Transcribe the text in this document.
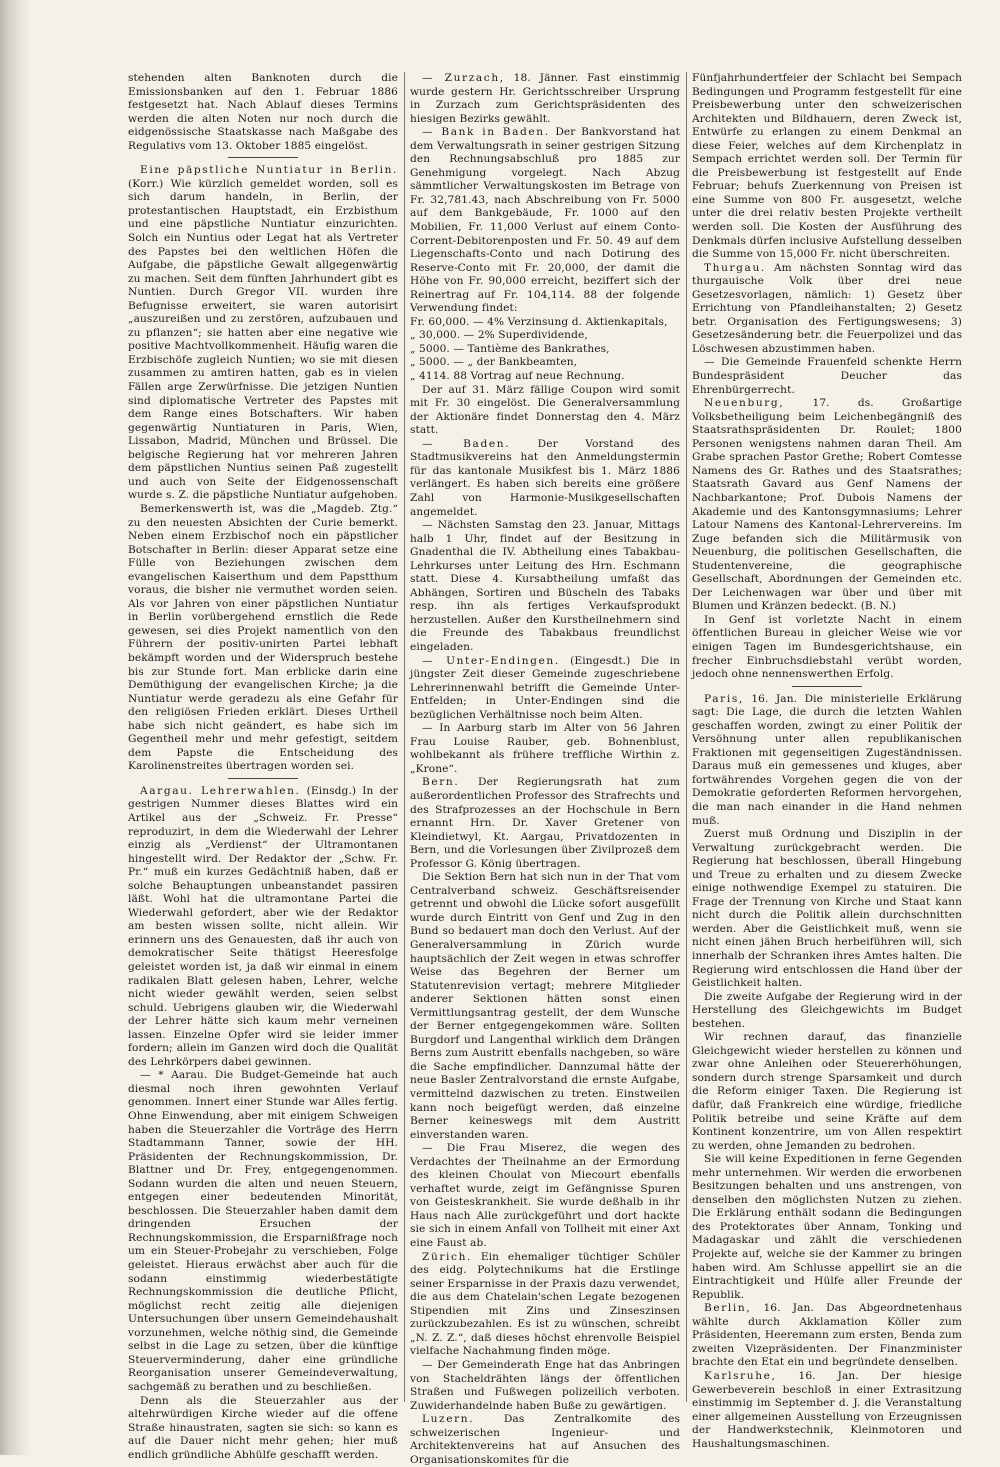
stehenden alten Banknoten durch die Emissionsbanken auf den 1. Februar 1886 festgesetzt hat. Nach Ablauf dieses Termins werden die alten Noten nur noch durch die eidgenössische Staatskasse nach Maßgabe des Regulativs vom 13. Oktober 1885 eingelöst.

Eine päpstliche Nuntiatur in Berlin. (Korr.) Wie kürzlich gemeldet worden, soll es sich darum handeln, in Berlin, der protestantischen Hauptstadt, ein Erzbisthum und eine päpstliche Nuntiatur einzurichten. Solch ein Nuntius oder Legat hat als Vertreter des Papstes bei den weltlichen Höfen die Aufgabe, die päpstliche Gewalt allgegenwärtig zu machen. Seit dem fünften Jahrhundert gibt es Nuntien. Durch Gregor VII. wurden ihre Befugnisse erweitert, sie waren autorisirt „auszureißen und zu zerstören, aufzubauen und zu pflanzen“; sie hatten aber eine negative wie positive Machtvollkommenheit. Häufig waren die Erzbischöfe zugleich Nuntien; wo sie mit diesen zusammen zu amtiren hatten, gab es in vielen Fällen arge Zerwürfnisse. Die jetzigen Nuntien sind diplomatische Vertreter des Papstes mit dem Range eines Botschafters. Wir haben gegenwärtig Nuntiaturen in Paris, Wien, Lissabon, Madrid, München und Brüssel. Die belgische Regierung hat vor mehreren Jahren dem päpstlichen Nuntius seinen Paß zugestellt und auch von Seite der Eidgenossenschaft wurde s. Z. die päpstliche Nuntiatur aufgehoben.

Bemerkenswerth ist, was die „Magdeb. Ztg.“ zu den neuesten Absichten der Curie bemerkt. Neben einem Erzbischof noch ein päpstlicher Botschafter in Berlin: dieser Apparat setze eine Fülle von Beziehungen zwischen dem evangelischen Kaiserthum und dem Papstthum voraus, die bisher nie vermuthet worden seien. Als vor Jahren von einer päpstlichen Nuntiatur in Berlin vorübergehend ernstlich die Rede gewesen, sei dies Projekt namentlich von den Führern der positiv-unirten Partei lebhaft bekämpft worden und der Widerspruch bestehe bis zur Stunde fort. Man erblicke darin eine Demüthigung der evangelischen Kirche; ja die Nuntiatur werde geradezu als eine Gefahr für den religiösen Frieden erklärt. Dieses Urtheil habe sich nicht geändert, es habe sich im Gegentheil mehr und mehr gefestigt, seitdem dem Papste die Entscheidung des Karolinenstreites übertragen worden sei.

Aargau. Lehrerwahlen. (Einsdg.) In der gestrigen Nummer dieses Blattes wird ein Artikel aus der „Schweiz. Fr. Presse“ reproduzirt, in dem die Wiederwahl der Lehrer einzig als „Verdienst“ der Ultramontanen hingestellt wird. Der Redaktor der „Schw. Fr. Pr.“ muß ein kurzes Gedächtniß haben, daß er solche Behauptungen unbeanstandet passiren läßt. Wohl hat die ultramontane Partei die Wiederwahl gefordert, aber wie der Redaktor am besten wissen sollte, nicht allein. Wir erinnern uns des Genauesten, daß ihr auch von demokratischer Seite thätigst Heeresfolge geleistet worden ist, ja daß wir einmal in einem radikalen Blatt gelesen haben, Lehrer, welche nicht wieder gewählt werden, seien selbst schuld. Uebrigens glauben wir, die Wiederwahl der Lehrer hätte sich kaum mehr verneinen lassen. Einzelne Opfer wird sie leider immer fordern; allein im Ganzen wird doch die Qualität des Lehrkörpers dabei gewinnen.

— * Aarau. Die Budget-Gemeinde hat auch diesmal noch ihren gewohnten Verlauf genommen. Innert einer Stunde war Alles fertig. Ohne Einwendung, aber mit einigem Schweigen haben die Steuerzahler die Vorträge des Herrn Stadtammann Tanner, sowie der HH. Präsidenten der Rechnungskommission, Dr. Blattner und Dr. Frey, entgegengenommen. Sodann wurden die alten und neuen Steuern, entgegen einer bedeutenden Minorität, beschlossen. Die Steuerzahler haben damit dem dringenden Ersuchen der Rechnungskommission, die Ersparnißfrage noch um ein Steuer-Probejahr zu verschieben, Folge geleistet. Hieraus erwächst aber auch für die sodann einstimmig wiederbestätigte Rechnungskommission die deutliche Pflicht, möglichst recht zeitig alle diejenigen Untersuchungen über unsern Gemeindehaushalt vorzunehmen, welche nöthig sind, die Gemeinde selbst in die Lage zu setzen, über die künftige Steuerverminderung, daher eine gründliche Reorganisation unserer Gemeindeverwaltung, sachgemäß zu berathen und zu beschließen.

Denn als die Steuerzahler aus der altehrwürdigen Kirche wieder auf die offene Straße hinaustraten, sagten sie sich: so kann es auf die Dauer nicht mehr gehen; hier muß endlich gründliche Abhülfe geschafft werden.

— Zurzach, 18. Jänner. Fast einstimmig wurde gestern Hr. Gerichtsschreiber Ursprung in Zurzach zum Gerichtspräsidenten des hiesigen Bezirks gewählt.

— Bank in Baden. Der Bankvorstand hat dem Verwaltungsrath in seiner gestrigen Sitzung den Rechnungsabschluß pro 1885 zur Genehmigung vorgelegt. Nach Abzug sämmtlicher Verwaltungskosten im Betrage von Fr. 32,781.43, nach Abschreibung von Fr. 5000 auf dem Bankgebäude, Fr. 1000 auf den Mobilien, Fr. 11,000 Verlust auf einem Conto-Corrent-Debitorenposten und Fr. 50. 49 auf dem Liegenschafts-Conto und nach Dotirung des Reserve-Conto mit Fr. 20,000, der damit die Höhe von Fr. 90,000 erreicht, beziffert sich der Reinertrag auf Fr. 104,114. 88 der folgende Verwendung findet:

Fr. 60,000. — 4% Verzinsung d. Aktienkapitals,

„ 30,000. — 2% Superdividende,

„ 5000. — Tantième des Bankrathes,

„ 5000. — „ der Bankbeamten,

„ 4114. 88 Vortrag auf neue Rechnung.

Der auf 31. März fällige Coupon wird somit mit Fr. 30 eingelöst. Die Generalversammlung der Aktionäre findet Donnerstag den 4. März statt.

— Baden. Der Vorstand des Stadtmusikvereins hat den Anmeldungstermin für das kantonale Musikfest bis 1. März 1886 verlängert. Es haben sich bereits eine größere Zahl von Harmonie-Musikgesellschaften angemeldet.

— Nächsten Samstag den 23. Januar, Mittags halb 1 Uhr, findet auf der Besitzung in Gnadenthal die IV. Abtheilung eines Tabakbau-Lehrkurses unter Leitung des Hrn. Eschmann statt. Diese 4. Kursabtheilung umfaßt das Abhängen, Sortiren und Büscheln des Tabaks resp. ihn als fertiges Verkaufsprodukt herzustellen. Außer den Kurstheilnehmern sind die Freunde des Tabakbaus freundlichst eingeladen.

— Unter-Endingen. (Eingesdt.) Die in jüngster Zeit dieser Gemeinde zugeschriebene Lehrerinnenwahl betrifft die Gemeinde Unter-Entfelden; in Unter-Endingen sind die bezüglichen Verhältnisse noch beim Alten.

— In Aarburg starb im Alter von 56 Jahren Frau Louise Rauber, geb. Bohnenblust, wohlbekannt als frühere treffliche Wirthin z. „Krone“.

Bern. Der Regierungsrath hat zum außerordentlichen Professor des Strafrechts und des Strafprozesses an der Hochschule in Bern ernannt Hrn. Dr. Xaver Gretener von Kleindietwyl, Kt. Aargau, Privatdozenten in Bern, und die Vorlesungen über Zivilprozeß dem Professor G. König übertragen.

Die Sektion Bern hat sich nun in der That vom Centralverband schweiz. Geschäftsreisender getrennt und obwohl die Lücke sofort ausgefüllt wurde durch Eintritt von Genf und Zug in den Bund so bedauert man doch den Verlust. Auf der Generalversammlung in Zürich wurde hauptsächlich der Zeit wegen in etwas schroffer Weise das Begehren der Berner um Statutenrevision vertagt; mehrere Mitglieder anderer Sektionen hätten sonst einen Vermittlungsantrag gestellt, der dem Wunsche der Berner entgegengekommen wäre. Sollten Burgdorf und Langenthal wirklich dem Drängen Berns zum Austritt ebenfalls nachgeben, so wäre die Sache empfindlicher. Dannzumal hätte der neue Basler Zentralvorstand die ernste Aufgabe, vermittelnd dazwischen zu treten. Einstweilen kann noch beigefügt werden, daß einzelne Berner keineswegs mit dem Austritt einverstanden waren.

— Die Frau Miserez, die wegen des Verdachtes der Theilnahme an der Ermordung des kleinen Choulat von Miecourt ebenfalls verhaftet wurde, zeigt im Gefängnisse Spuren von Geisteskrankheit. Sie wurde deßhalb in ihr Haus nach Alle zurückgeführt und dort hackte sie sich in einem Anfall von Tollheit mit einer Axt eine Faust ab.

Zürich. Ein ehemaliger tüchtiger Schüler des eidg. Polytechnikums hat die Erstlinge seiner Ersparnisse in der Praxis dazu verwendet, die aus dem Chatelain'schen Legate bezogenen Stipendien mit Zins und Zinseszinsen zurückzubezahlen. Es ist zu wünschen, schreibt „N. Z. Z.“, daß dieses höchst ehrenvolle Beispiel vielfache Nachahmung finden möge.

— Der Gemeinderath Enge hat das Anbringen von Stacheldrähten längs der öffentlichen Straßen und Fußwegen polizeilich verboten. Zuwiderhandelnde haben Buße zu gewärtigen.

Luzern. Das Zentralkomite des schweizerischen Ingenieur- und Architektenvereins hat auf Ansuchen des Organisationskomites für die

Fünfjahrhundertfeier der Schlacht bei Sempach Bedingungen und Programm festgestellt für eine Preisbewerbung unter den schweizerischen Architekten und Bildhauern, deren Zweck ist, Entwürfe zu erlangen zu einem Denkmal an diese Feier, welches auf dem Kirchenplatz in Sempach errichtet werden soll. Der Termin für die Preisbewerbung ist festgestellt auf Ende Februar; behufs Zuerkennung von Preisen ist eine Summe von 800 Fr. ausgesetzt, welche unter die drei relativ besten Projekte vertheilt werden soll. Die Kosten der Ausführung des Denkmals dürfen inclusive Aufstellung desselben die Summe von 15,000 Fr. nicht überschreiten.

Thurgau. Am nächsten Sonntag wird das thurgauische Volk über drei neue Gesetzesvorlagen, nämlich: 1) Gesetz über Errichtung von Pfandleihanstalten; 2) Gesetz betr. Organisation des Fertigungswesens; 3) Gesetzesänderung betr. die Feuerpolizei und das Löschwesen abzustimmen haben.

— Die Gemeinde Frauenfeld schenkte Herrn Bundespräsident Deucher das Ehrenbürgerrecht.

Neuenburg, 17. ds. Großartige Volksbetheiligung beim Leichenbegängniß des Staatsrathspräsidenten Dr. Roulet; 1800 Personen wenigstens nahmen daran Theil. Am Grabe sprachen Pastor Grethe; Robert Comtesse Namens des Gr. Rathes und des Staatsrathes; Staatsrath Gavard aus Genf Namens der Nachbarkantone; Prof. Dubois Namens der Akademie und des Kantonsgymnasiums; Lehrer Latour Namens des Kantonal-Lehrervereins. Im Zuge befanden sich die Militärmusik von Neuenburg, die politischen Gesellschaften, die Studentenvereine, die geographische Gesellschaft, Abordnungen der Gemeinden etc. Der Leichenwagen war über und über mit Blumen und Kränzen bedeckt. (B. N.)

In Genf ist vorletzte Nacht in einem öffentlichen Bureau in gleicher Weise wie vor einigen Tagen im Bundesgerichtshause, ein frecher Einbruchsdiebstahl verübt worden, jedoch ohne nennenswerthen Erfolg.

Paris, 16. Jan. Die ministerielle Erklärung sagt: Die Lage, die durch die letzten Wahlen geschaffen worden, zwingt zu einer Politik der Versöhnung unter allen republikanischen Fraktionen mit gegenseitigen Zugeständnissen. Daraus muß ein gemessenes und kluges, aber fortwährendes Vorgehen gegen die von der Demokratie geforderten Reformen hervorgehen, die man nach einander in die Hand nehmen muß.

Zuerst muß Ordnung und Disziplin in der Verwaltung zurückgebracht werden. Die Regierung hat beschlossen, überall Hingebung und Treue zu erhalten und zu diesem Zwecke einige nothwendige Exempel zu statuiren. Die Frage der Trennung von Kirche und Staat kann nicht durch die Politik allein durchschnitten werden. Aber die Geistlichkeit muß, wenn sie nicht einen jähen Bruch herbeiführen will, sich innerhalb der Schranken ihres Amtes halten. Die Regierung wird entschlossen die Hand über der Geistlichkeit halten.

Die zweite Aufgabe der Regierung wird in der Herstellung des Gleichgewichts im Budget bestehen.

Wir rechnen darauf, das finanzielle Gleichgewicht wieder herstellen zu können und zwar ohne Anleihen oder Steuererhöhungen, sondern durch strenge Sparsamkeit und durch die Reform einiger Taxen. Die Regierung ist dafür, daß Frankreich eine würdige, friedliche Politik betreibe und seine Kräfte auf dem Kontinent konzentrire, um von Allen respektirt zu werden, ohne Jemanden zu bedrohen.

Sie will keine Expeditionen in ferne Gegenden mehr unternehmen. Wir werden die erworbenen Besitzungen behalten und uns anstrengen, von denselben den möglichsten Nutzen zu ziehen. Die Erklärung enthält sodann die Bedingungen des Protektorates über Annam, Tonking und Madagaskar und zählt die verschiedenen Projekte auf, welche sie der Kammer zu bringen haben wird. Am Schlusse appellirt sie an die Eintrachtigkeit und Hülfe aller Freunde der Republik.

Berlin, 16. Jan. Das Abgeordnetenhaus wählte durch Akklamation Köller zum Präsidenten, Heeremann zum ersten, Benda zum zweiten Vizepräsidenten. Der Finanzminister brachte den Etat ein und begründete denselben.

Karlsruhe, 16. Jan. Der hiesige Gewerbeverein beschloß in einer Extrasitzung einstimmig im September d. J. die Veranstaltung einer allgemeinen Ausstellung von Erzeugnissen der Handwerkstechnik, Kleinmotoren und Haushaltungsmaschinen.
